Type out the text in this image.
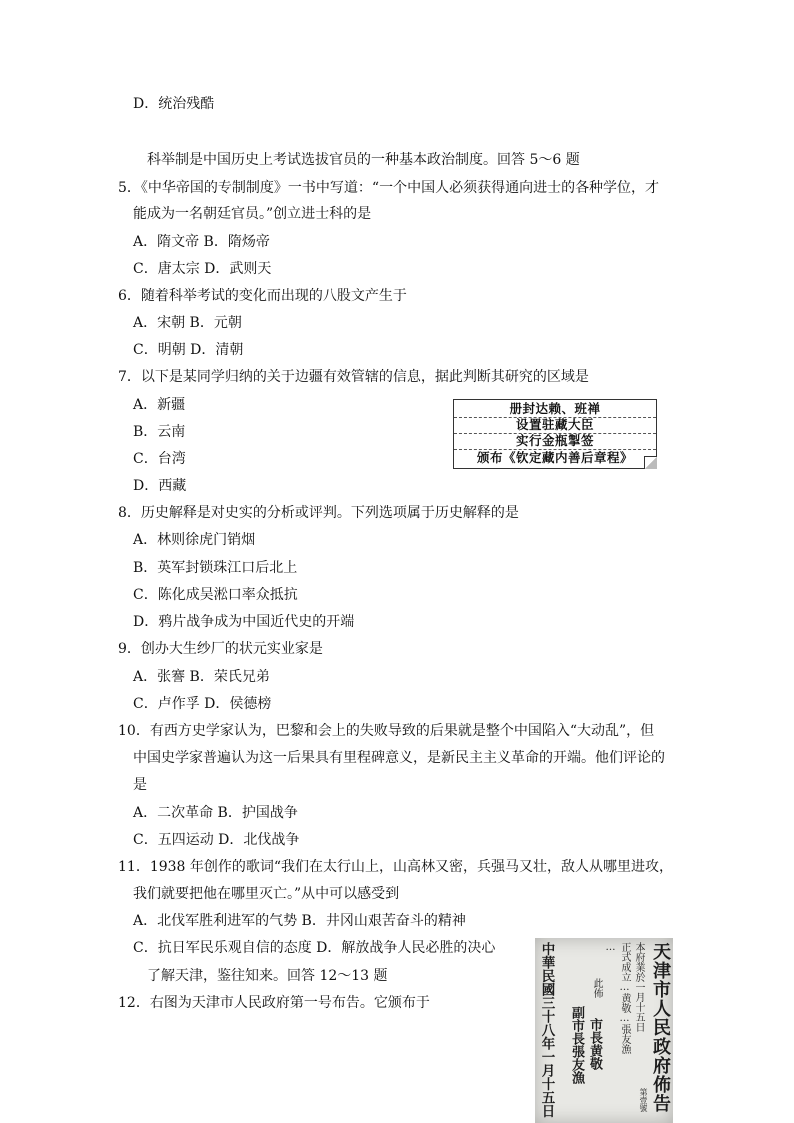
D．统治残酷
科举制是中国历史上考试选拔官员的一种基本政治制度。回答 5～6 题
5．《中华帝国的专制制度》一书中写道：“一个中国人必须获得通向进士的各种学位，才
能成为一名朝廷官员。”创立进士科的是
A．隋文帝 B．隋炀帝
C．唐太宗 D．武则天
6．随着科举考试的变化而出现的八股文产生于
A．宋朝 B．元朝
C．明朝 D．清朝
7．以下是某同学归纳的关于边疆有效管辖的信息，据此判断其研究的区域是
A．新疆
B．云南
C．台湾
D．西藏
册封达赖、班禅
设置驻藏大臣
实行金瓶掣签
颁布《钦定藏内善后章程》
8．历史解释是对史实的分析或评判。下列选项属于历史解释的是
A．林则徐虎门销烟
B．英军封锁珠江口后北上
C．陈化成吴淞口率众抵抗
D．鸦片战争成为中国近代史的开端
9．创办大生纱厂的状元实业家是
A．张謇 B．荣氏兄弟
C．卢作孚 D．侯德榜
10．有西方史学家认为，巴黎和会上的失败导致的后果就是整个中国陷入“大动乱”，但
中国史学家普遍认为这一后果具有里程碑意义，是新民主主义革命的开端。他们评论的
是
A．二次革命 B．护国战争
C．五四运动 D．北伐战争
11．1938 年创作的歌词“我们在太行山上，山高林又密，兵强马又壮，敌人从哪里进攻，
我们就要把他在哪里灭亡。”从中可以感受到
A．北伐军胜利进军的气势 B．井冈山艰苦奋斗的精神
C．抗日军民乐观自信的态度 D．解放战争人民必胜的决心
了解天津，鉴往知来。回答 12～13 题
12．右图为天津市人民政府第一号布告。它颁布于	天津市人民政府佈告
第壹號
本府業於一月十五日
正式成立…黄敬…張友漁
…
此佈
市長黄敬
副市長張友漁
中華民國三十八年一月十五日
